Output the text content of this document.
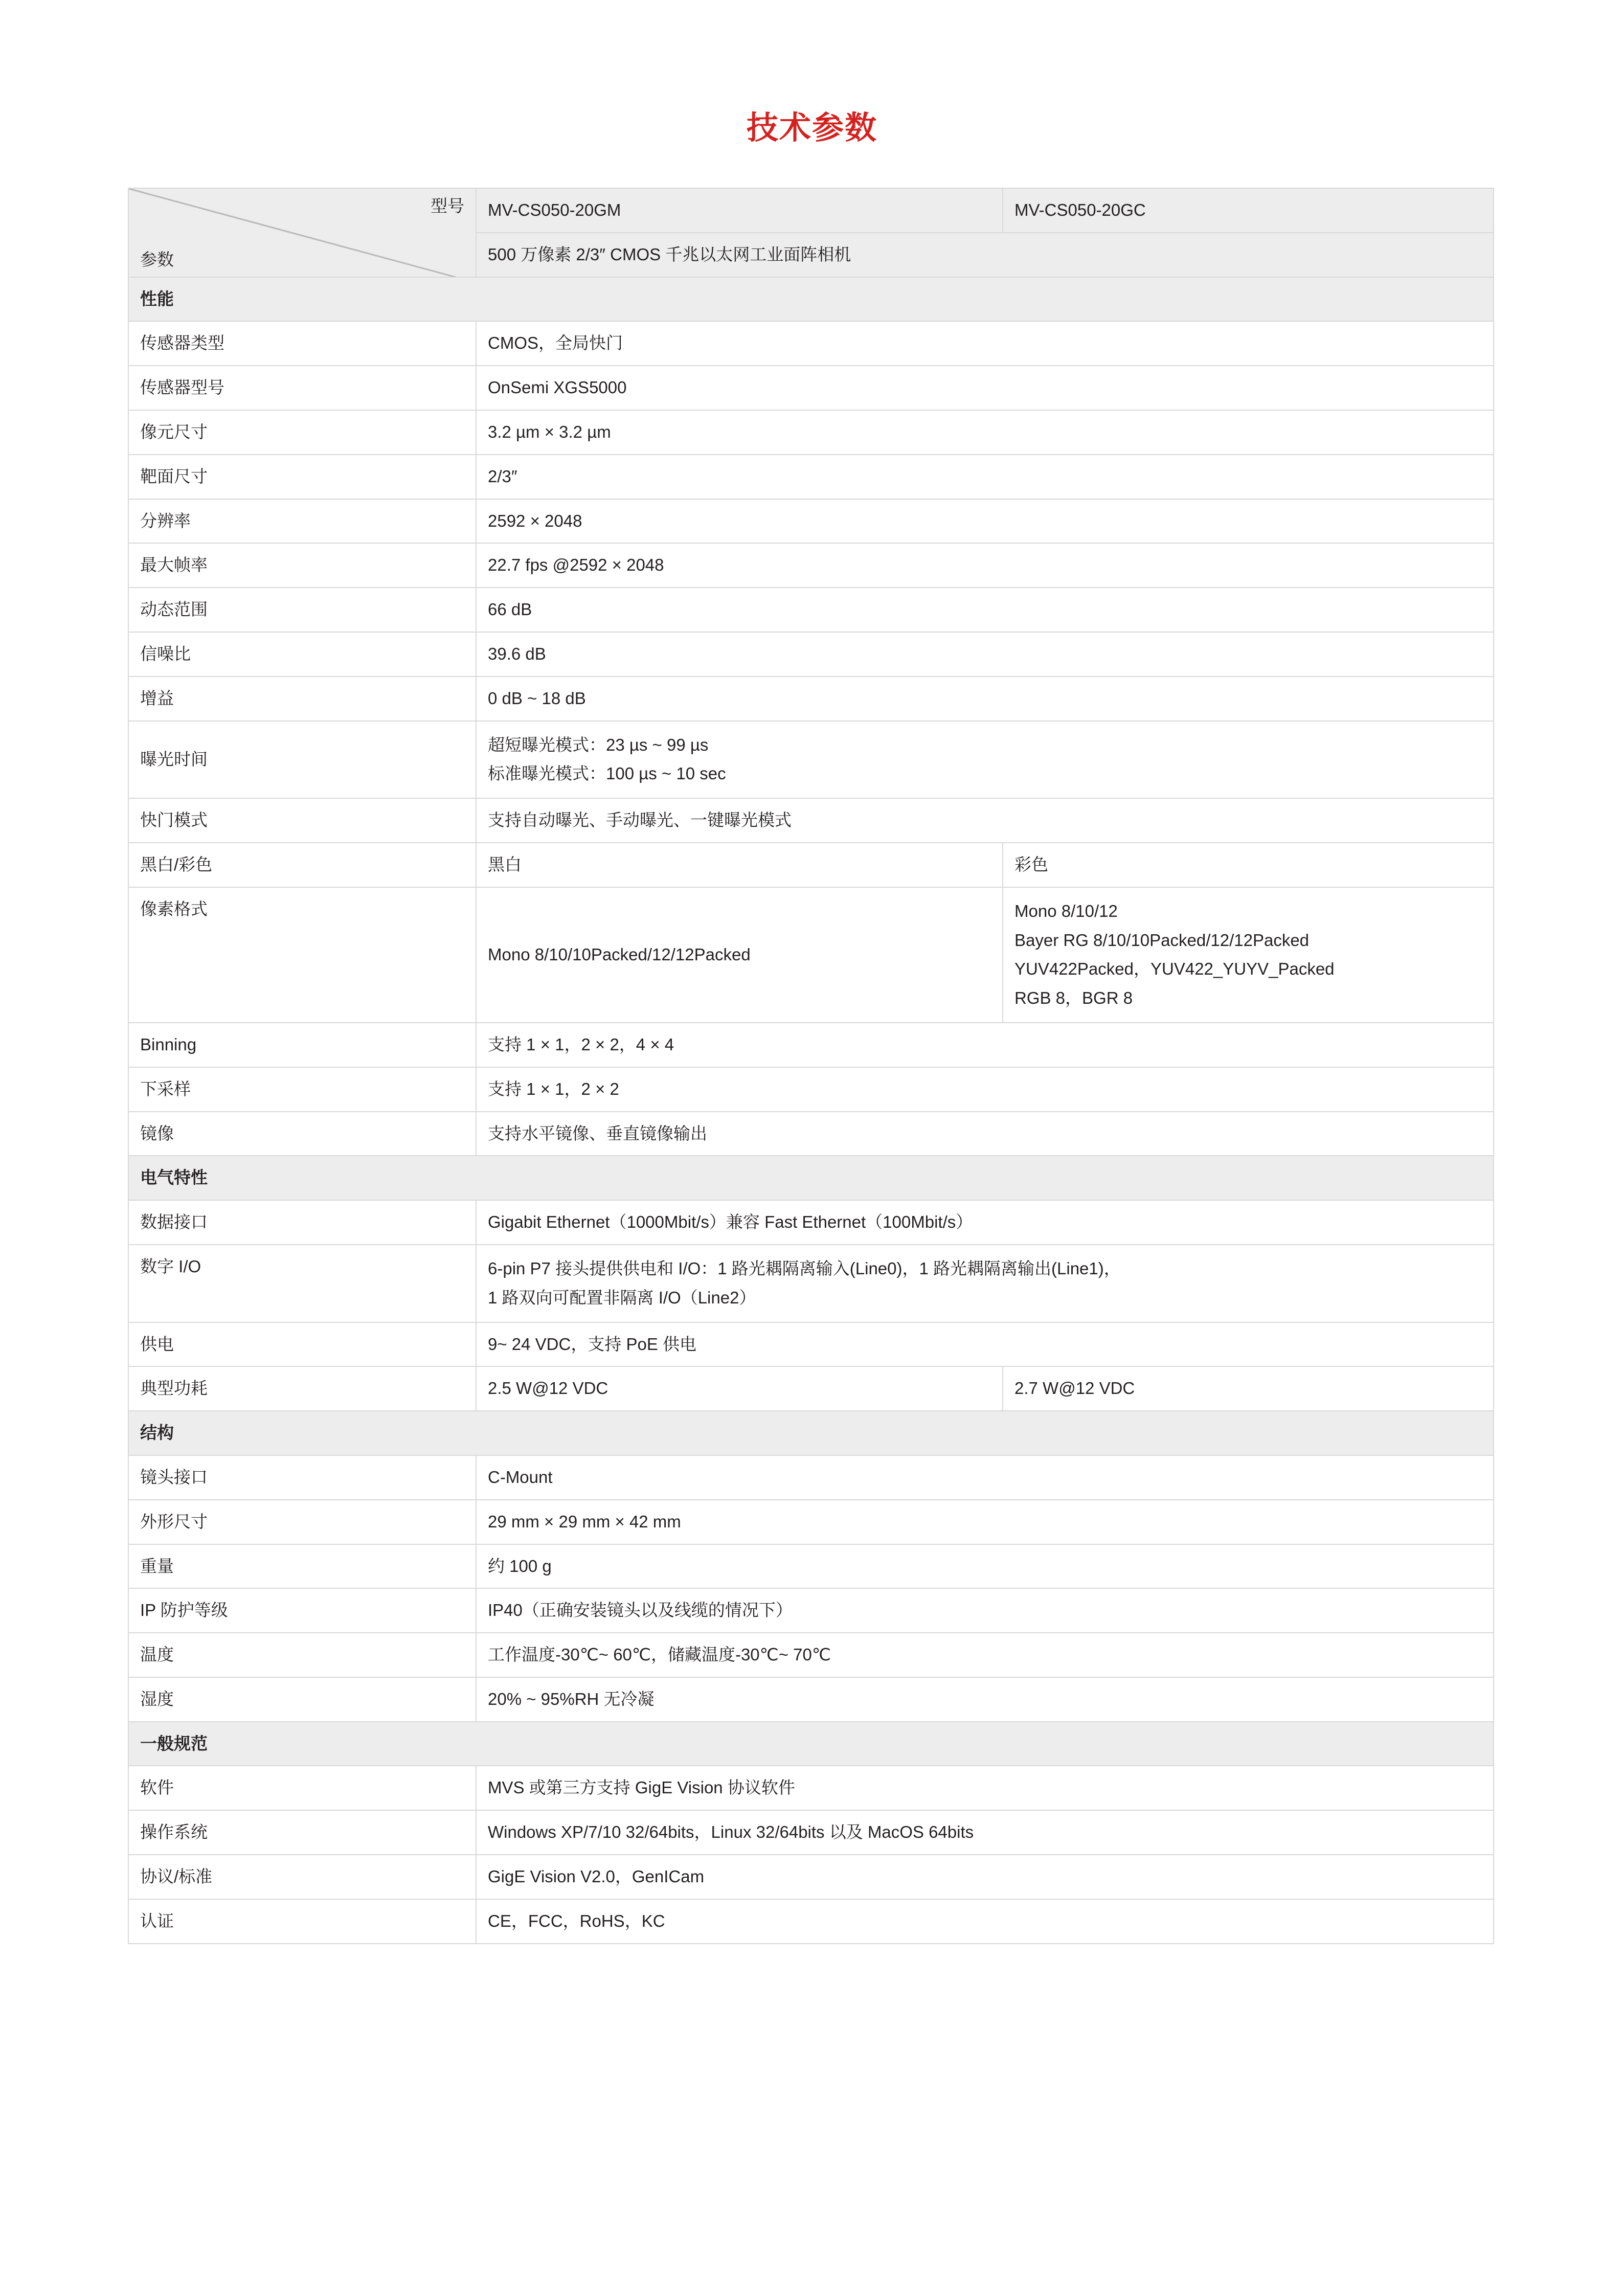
技术参数
型号
参数	MV-CS050-20GM	MV-CS050-20GC
	500 万像素 2/3″ CMOS 千兆以太网工业面阵相机	
性能		
传感器类型	CMOS，全局快门	
传感器型号	OnSemi XGS5000	
像元尺寸	3.2 µm × 3.2 µm	
靶面尺寸	2/3″	
分辨率	2592 × 2048	
最大帧率	22.7 fps @2592 × 2048	
动态范围	66 dB	
信噪比	39.6 dB	
增益	0 dB ~ 18 dB	
曝光时间	超短曝光模式：23 µs ~ 99 µs
标准曝光模式：100 µs ~ 10 sec	

快门模式	支持自动曝光、手动曝光、一键曝光模式	
黑白/彩色	黑白	彩色
像素格式	Mono 8/10/10Packed/12/12Packed	Mono 8/10/12
Bayer RG 8/10/10Packed/12/12Packed
YUV422Packed，YUV422_YUYV_Packed
RGB 8，BGR 8

Binning	支持 1 × 1，2 × 2，4 × 4	
下采样	支持 1 × 1，2 × 2	
镜像	支持水平镜像、垂直镜像输出	
电气特性		
数据接口	Gigabit Ethernet（1000Mbit/s）兼容 Fast Ethernet（100Mbit/s）	
数字 I/O	6-pin P7 接头提供供电和 I/O：1 路光耦隔离输入(Line0)，1 路光耦隔离输出(Line1)，
1 路双向可配置非隔离 I/O（Line2）	

供电	9~ 24 VDC，支持 PoE 供电	
典型功耗	2.5 W@12 VDC	2.7 W@12 VDC
结构		
镜头接口	C-Mount	
外形尺寸	29 mm × 29 mm × 42 mm	
重量	约 100 g	
IP 防护等级	IP40（正确安装镜头以及线缆的情况下）	
温度	工作温度-30℃~ 60℃，储藏温度-30℃~ 70℃	
湿度	20% ~ 95%RH 无冷凝	
一般规范		
软件	MVS 或第三方支持 GigE Vision 协议软件	
操作系统	Windows XP/7/10 32/64bits，Linux 32/64bits 以及 MacOS 64bits	
协议/标准	GigE Vision V2.0，GenICam	
认证	CE，FCC，RoHS，KC	
